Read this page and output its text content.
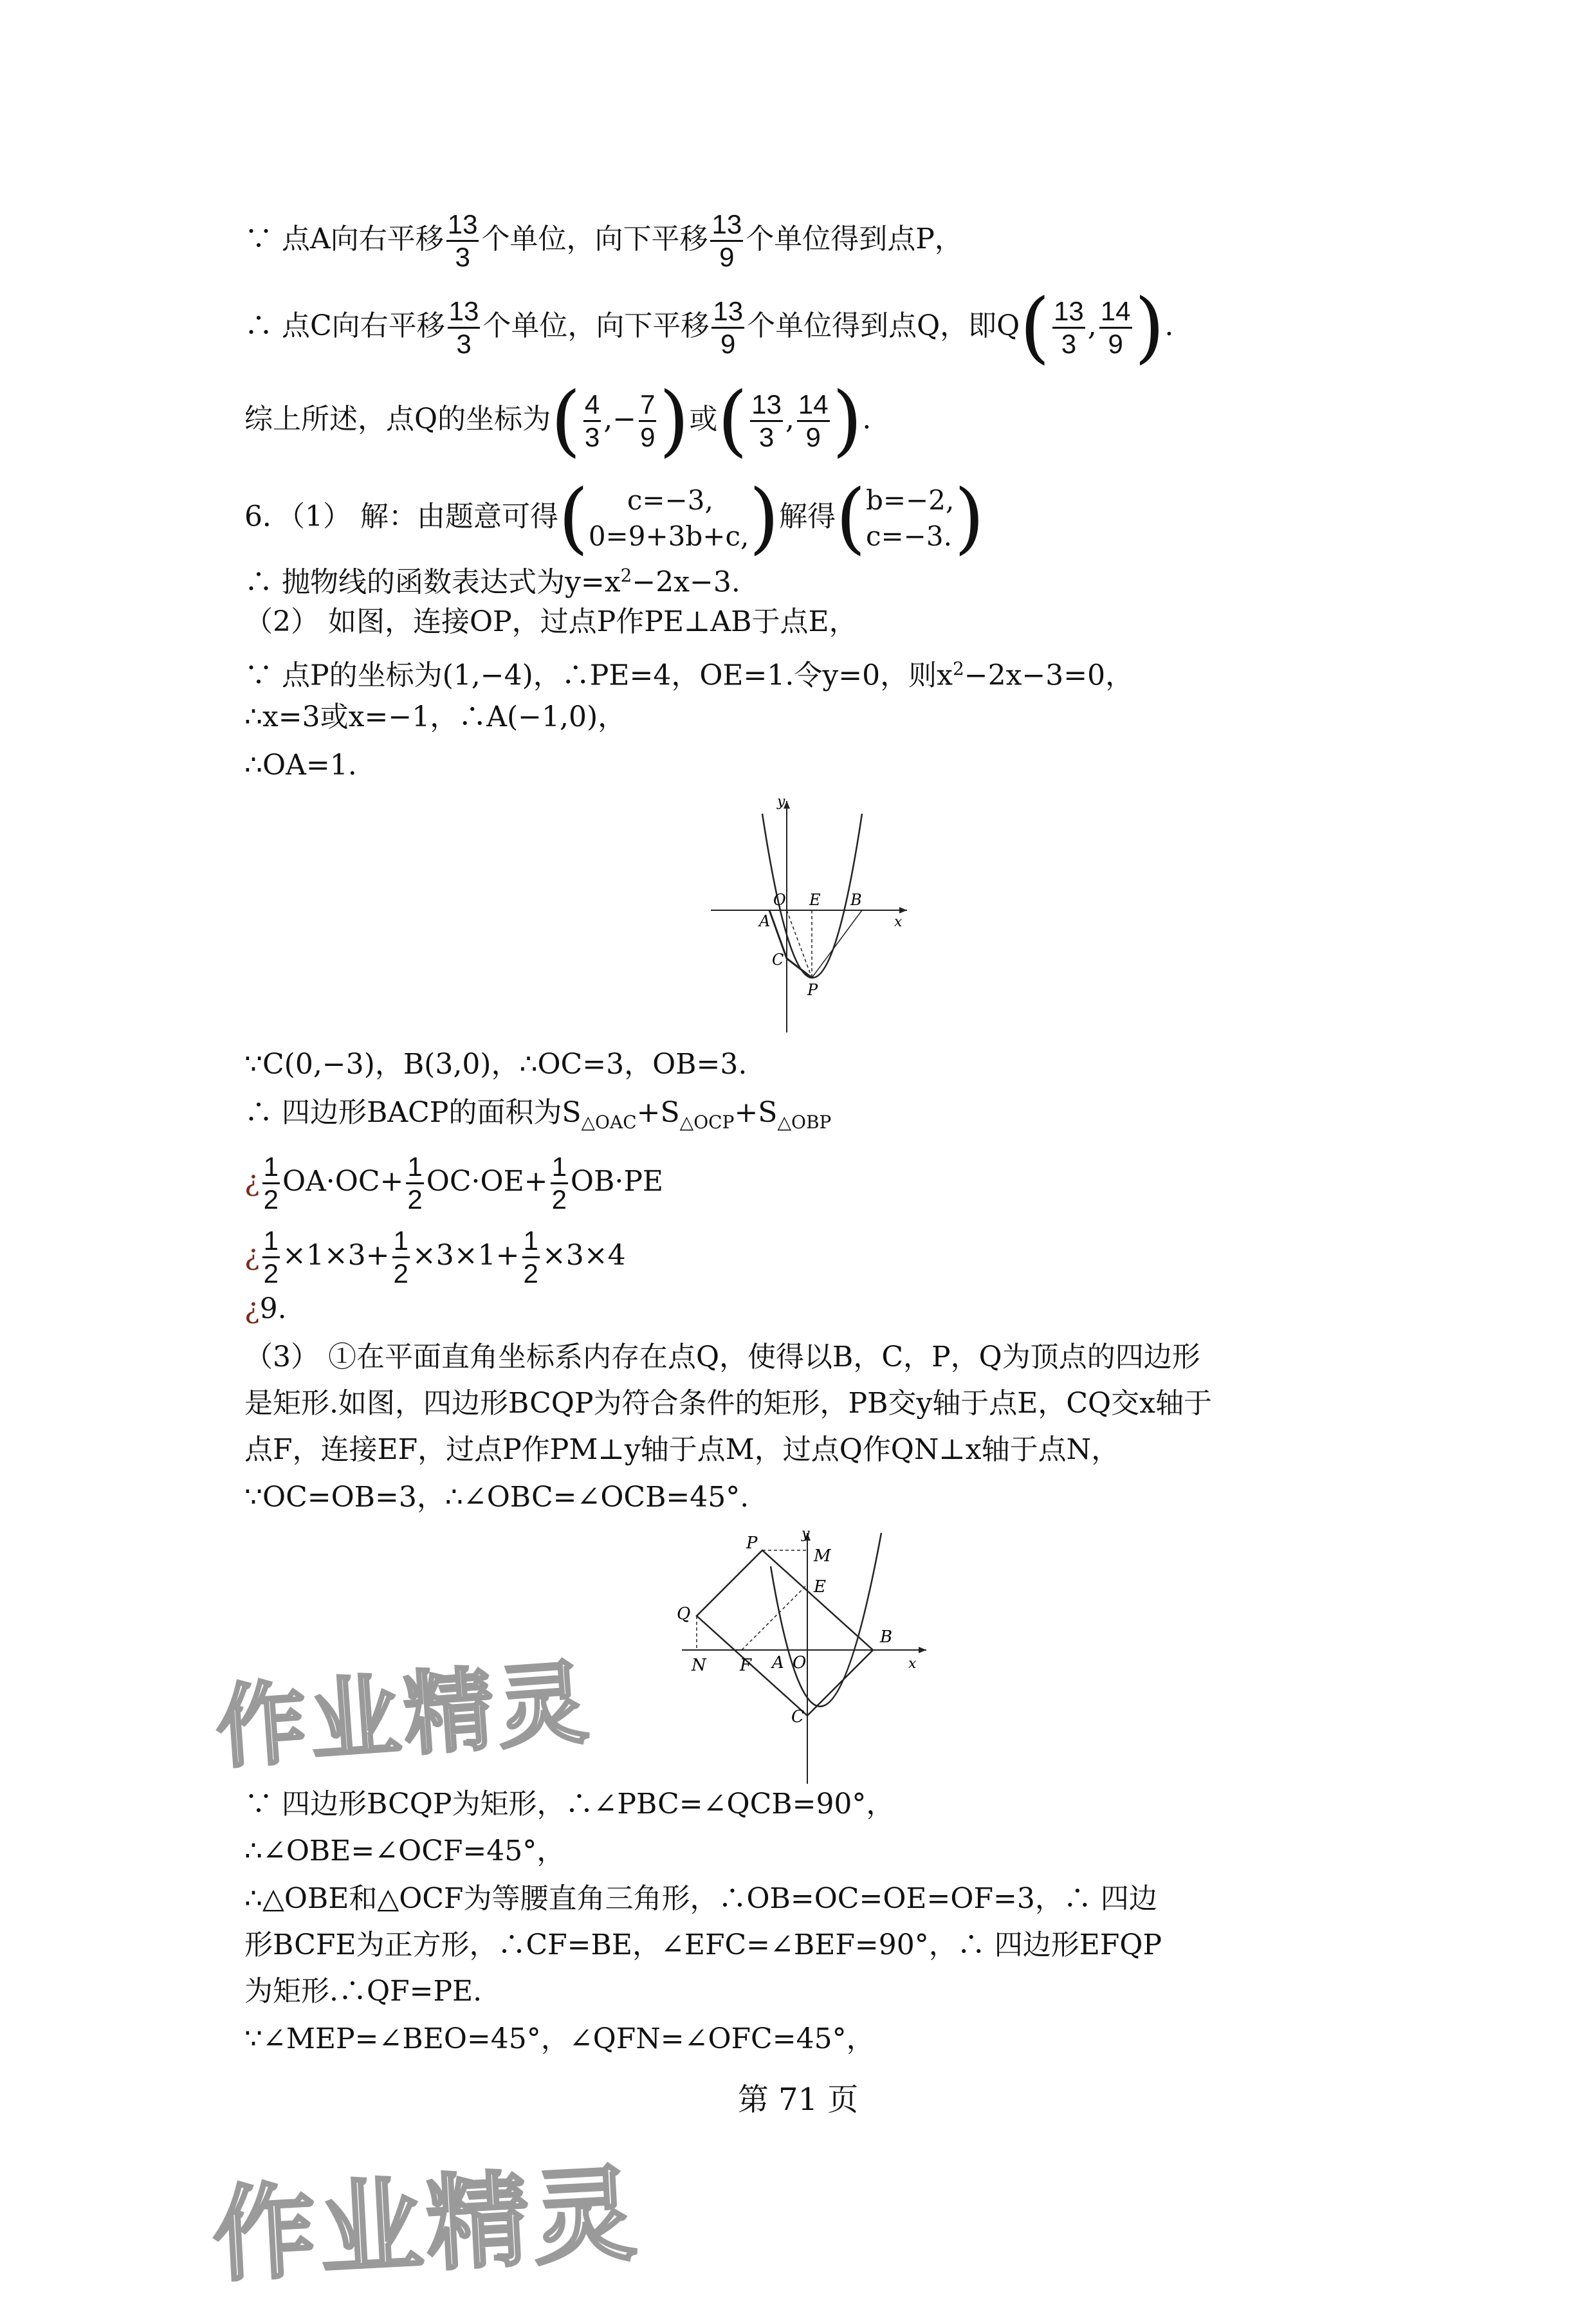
∵ 点A向右平移 $\frac{13}{3}$ 个单位，向下平移 $\frac{13}{9}$ 个单位得到点P，
∴ 点C向右平移 $\frac{13}{3}$ 个单位，向下平移 $\frac{13}{9}$ 个单位得到点Q，即$Q( \frac{13}{3}$ , $\frac{14}{9}$ ).
综上所述，点Q的坐标为( $\frac{4}{3}$ ,− $\frac{7}{9}$ )或( $\frac{13}{3}$ , $\frac{14}{9}$ ).
6．（1） 解：由题意可得(	c=−3,
0=9+3b+c, )解得( b=−2,
c=−3. )
∴ 抛物线的函数表达式为$y=x^2-2x-3$.
（2） 如图，连接OP，过点P作PE⊥AB于点E，
∵ 点P的坐标为(1,−4)，∴PE=4，OE=1.令y=0，则$x^2-2x-3=0$，
∴x=3或x=−1，∴A(−1,0)，
∴OA=1.
y
x
O E B
A
C
P
∵C(0,−3)，B(3,0)，∴OC=3，OB=3.
∴ 四边形BACP的面积为$S_{\triangle OAC}+S_{\triangle OCP}+S_{\triangle OBP}$
¿ $\frac{1}{2} OA\cdot OC+ \frac{1}{2} OC\cdot OE+ \frac{1}{2} OB\cdot PE$
¿ $\frac{1}{2} \times 1\times 3+ \frac{1}{2} \times 3\times 1+ \frac{1}{2} \times 3\times 4$
¿9.
（3） ①在平面直角坐标系内存在点Q，使得以B，C，P，Q为顶点的四边形
是矩形.如图，四边形BCQP为符合条件的矩形，PB交y轴于点E，CQ交x轴于
点F，连接EF，过点P作PM⊥y轴于点M，过点Q作QN⊥x轴于点N，
∵OC=OB=3，∴∠OBC=∠OCB=45°.
y
x
P
M
E
Q
B
N F A O
C
∵ 四边形BCQP为矩形，∴∠PBC=∠QCB=90°，
∴∠OBE=∠OCF=45°，
∴△OBE和△OCF为等腰直角三角形，∴OB=OC=OE=OF=3，∴ 四边
形BCFE为正方形，∴CF=BE，∠EFC=∠BEF=90°，∴ 四边形EFQP
为矩形.∴QF=PE.
∵∠MEP=∠BEO=45°，∠QFN=∠OFC=45°，
第 71 页
作业精灵
作业精灵
